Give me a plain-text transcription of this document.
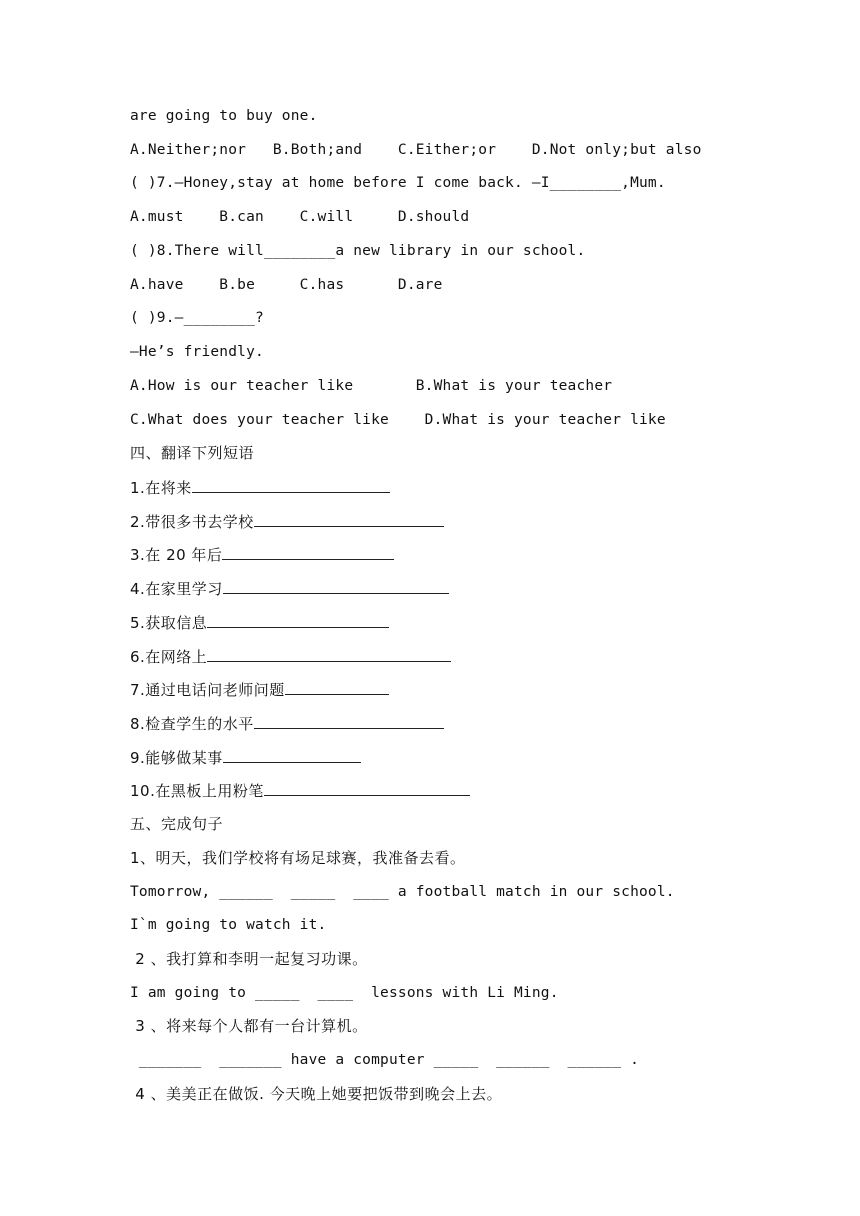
are going to buy one.
A.Neither;nor   B.Both;and    C.Either;or    D.Not only;but also
( )7.—Honey,stay at home before I come back. —I________,Mum.
A.must    B.can    C.will     D.should
( )8.There will________a new library in our school.
A.have    B.be     C.has      D.are
( )9.—________?
—He’s friendly.
A.How is our teacher like       B.What is your teacher
C.What does your teacher like    D.What is your teacher like
四、翻译下列短语
1.在将来
2.带很多书去学校
3.在 20 年后
4.在家里学习
5.获取信息
6.在网络上
7.通过电话问老师问题
8.检查学生的水平
9.能够做某事
10.在黑板上用粉笔
五、完成句子
1、明天，我们学校将有场足球赛，我准备去看。
Tomorrow, ______  _____  ____ a football match in our school.
I`m going to watch it.
2 、我打算和李明一起复习功课。
I am going to _____  ____  lessons with Li Ming.
3 、将来每个人都有一台计算机。
_______  _______ have a computer _____  ______  ______ .
4 、美美正在做饭. 今天晚上她要把饭带到晚会上去。
